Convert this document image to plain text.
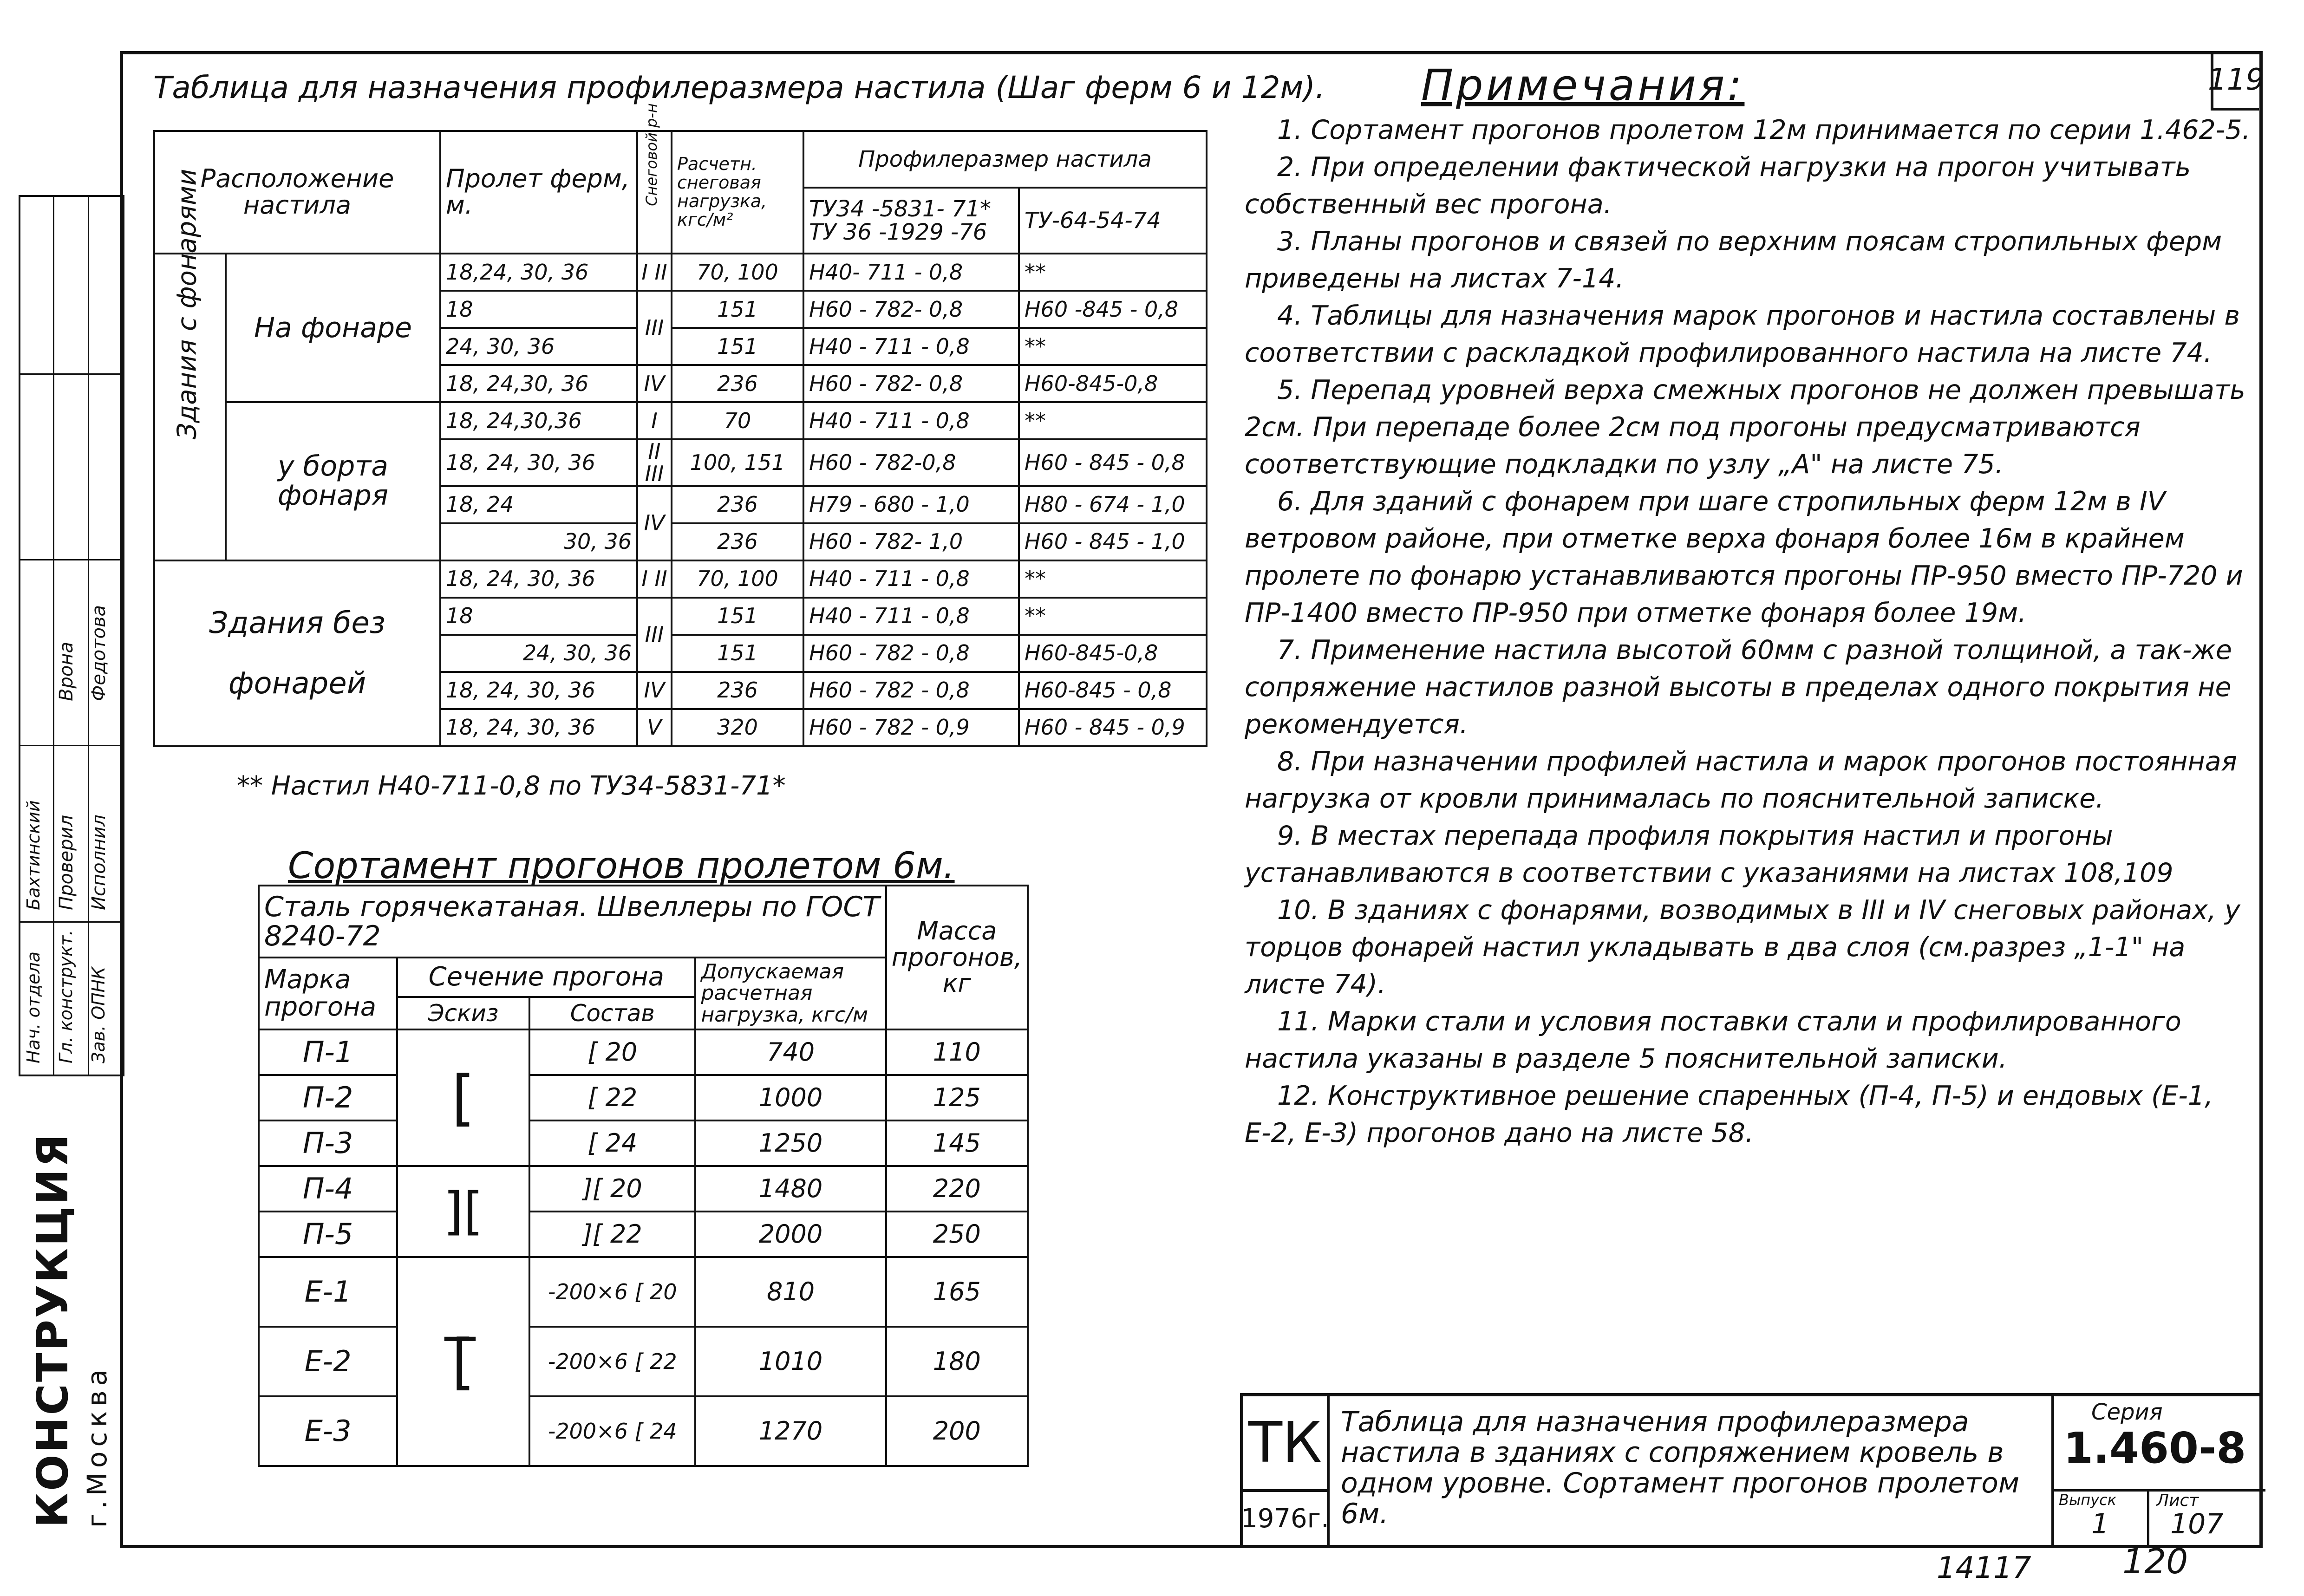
119
Врона Федотова
Проверил Исполнил
Нач. отдела Гл. конструкт. Зав. ОПНК
Бахтинский
КОНСТРУКЦИЯ г.Москва
Таблица для назначения профилеразмера настила (Шаг ферм 6 и 12м).
Расположение настила		Пролет ферм, м.	Снеговой р-н	Расчетн. снеговая нагрузка, кгс/м²	Профилеразмер настила	
					ТУ34 -5831- 71* ТУ 36 -1929 -76	ТУ-64-54-74

Здания с фонарями	На фонаре	18,24, 30, 36	I II	70, 100	Н40- 711 - 0,8	**
		18	III	151	Н60 - 782- 0,8	Н60 -845 - 0,8
		24, 30, 36		151	Н40 - 711 - 0,8	**
		18, 24,30, 36	IV	236	Н60 - 782- 0,8	Н60-845-0,8
	у борта фонаря	18, 24,30,36	I	70	Н40 - 711 - 0,8	**
		18, 24, 30, 36	II III	100, 151	Н60 - 782-0,8	Н60 - 845 - 0,8
		18, 24	IV	236	Н79 - 680 - 1,0	Н80 - 674 - 1,0
		30, 36		236	Н60 - 782- 1,0	Н60 - 845 - 1,0
Здания без фонарей		18, 24, 30, 36	I II	70, 100	Н40 - 711 - 0,8	**
		18	III	151	Н40 - 711 - 0,8	**
		24, 30, 36		151	Н60 - 782 - 0,8	Н60-845-0,8
		18, 24, 30, 36	IV	236	Н60 - 782 - 0,8	Н60-845 - 0,8
		18, 24, 30, 36	V	320	Н60 - 782 - 0,9	Н60 - 845 - 0,9
** Настил Н40-711-0,8 по ТУ34-5831-71*
Сортамент прогонов пролетом 6м.
Сталь горячекатаная. Швеллеры по ГОСТ 8240-72				Масса прогонов, кг
Марка прогона	Сечение прогона		Допускаемая расчетная нагрузка, кгс/м	
	Эскиз	Состав		
П-1	[	[ 20	740	110
П-2		[ 22	1000	125
П-3		[ 24	1250	145
П-4	][	][ 20	1480	220
П-5		][ 22	2000	250
Е-1	[̅	-200×6 [ 20	810	165
Е-2		-200×6 [ 22	1010	180
Е-3		-200×6 [ 24	1270	200
Примечания:

1. Сортамент прогонов пролетом 12м принимается по серии 1.462-5.

2. При определении фактической нагрузки на прогон учитывать собственный вес прогона.

3. Планы прогонов и связей по верхним поясам стропильных ферм приведены на листах 7-14.

4. Таблицы для назначения марок прогонов и настила составлены в соответствии с раскладкой профилированного настила на листе 74.

5. Перепад уровней верха смежных прогонов не должен превышать 2см. При перепаде более 2см под прогоны предусматриваются соответствующие подкладки по узлу „А" на листе 75.

6. Для зданий с фонарем при шаге стропильных ферм 12м в IV ветровом районе, при отметке верха фонаря более 16м в крайнем пролете по фонарю устанавливаются прогоны ПР-950 вместо ПР-720 и ПР-1400 вместо ПР-950 при отметке фонаря более 19м.

7. Применение настила высотой 60мм с разной толщиной, а так-же сопряжение настилов разной высоты в пределах одного покрытия не рекомендуется.

8. При назначении профилей настила и марок прогонов постоянная нагрузка от кровли принималась по пояснительной записке.

9. В местах перепада профиля покрытия настил и прогоны устанавливаются в соответствии с указаниями на листах 108,109

10. В зданиях с фонарями, возводимых в III и IV снеговых районах, у торцов фонарей настил укладывать в два слоя (см.разрез „1-1" на листе 74).

11. Марки стали и условия поставки стали и профилированного настила указаны в разделе 5 пояснительной записки.

12. Конструктивное решение спаренных (П-4, П-5) и ендовых (Е-1, Е-2, Е-3) прогонов дано на листе 58.

ТК
1976г.
Таблица для назначения профилеразмера настила в зданиях с сопряжением кровель в одном уровне. Сортамент прогонов пролетом 6м.
Серия
1.460-8
Выпуск
1
Лист
107
14117	120
